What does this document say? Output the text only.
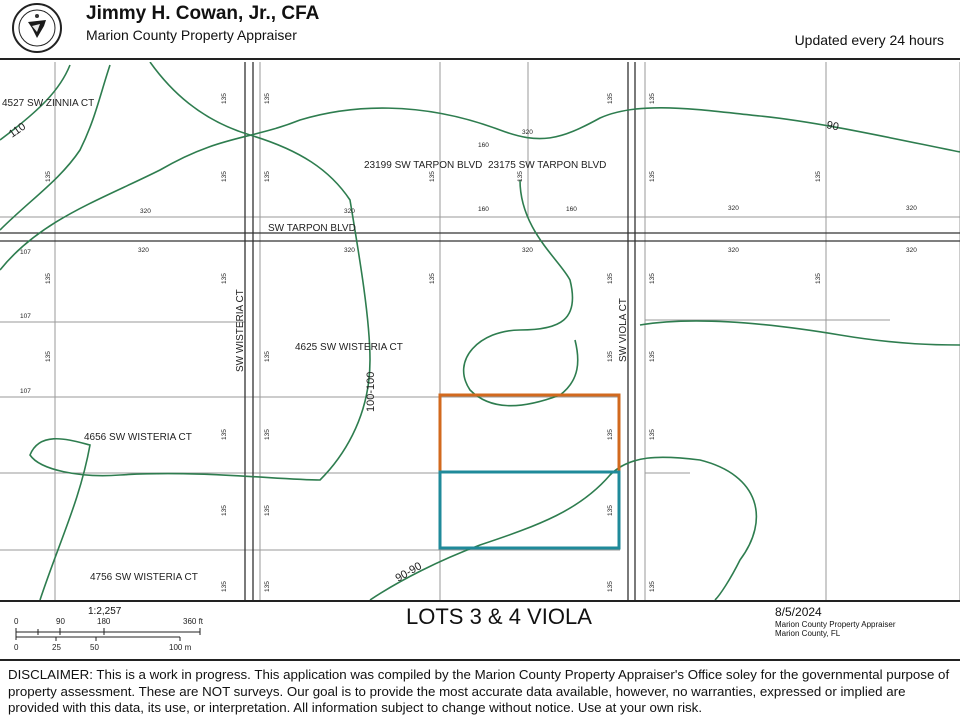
Jimmy H. Cowan, Jr., CFA
Marion County Property Appraiser	Updated every 24 hours
4527 SW ZINNIA CT
SW TARPON BLVD
23199 SW TARPON BLVD 23175 SW TARPON BLVD
4625 SW WISTERIA CT
4656 SW WISTERIA CT
4756 SW WISTERIA CT
SW WISTERIA CT	SW VIOLA CT
110	90
100-100
90-90
320	320
160
320
160	160	320	320
320	320	320	320	320
107
107
107
135	135	135	135
135	135	135	135	135	135	135
135	135	135	135	135	135
135	135	135	135
135	135	135	135
135	135	135
135	135	135	135
1:2,257
0	90	180	360 ft
0	25	50	100 m
LOTS 3 & 4 VIOLA	8/5/2024
Marion County Property Appraiser
Marion County, FL
DISCLAIMER: This is a work in progress. This application was compiled by the Marion County Property Appraiser's Office soley for the governmental purpose of property assessment. These are NOT surveys. Our goal is to provide the most accurate data available, however, no warranties, expressed or implied are provided with this data, its use, or interpretation. All information subject to change without notice. Use at your own risk.
